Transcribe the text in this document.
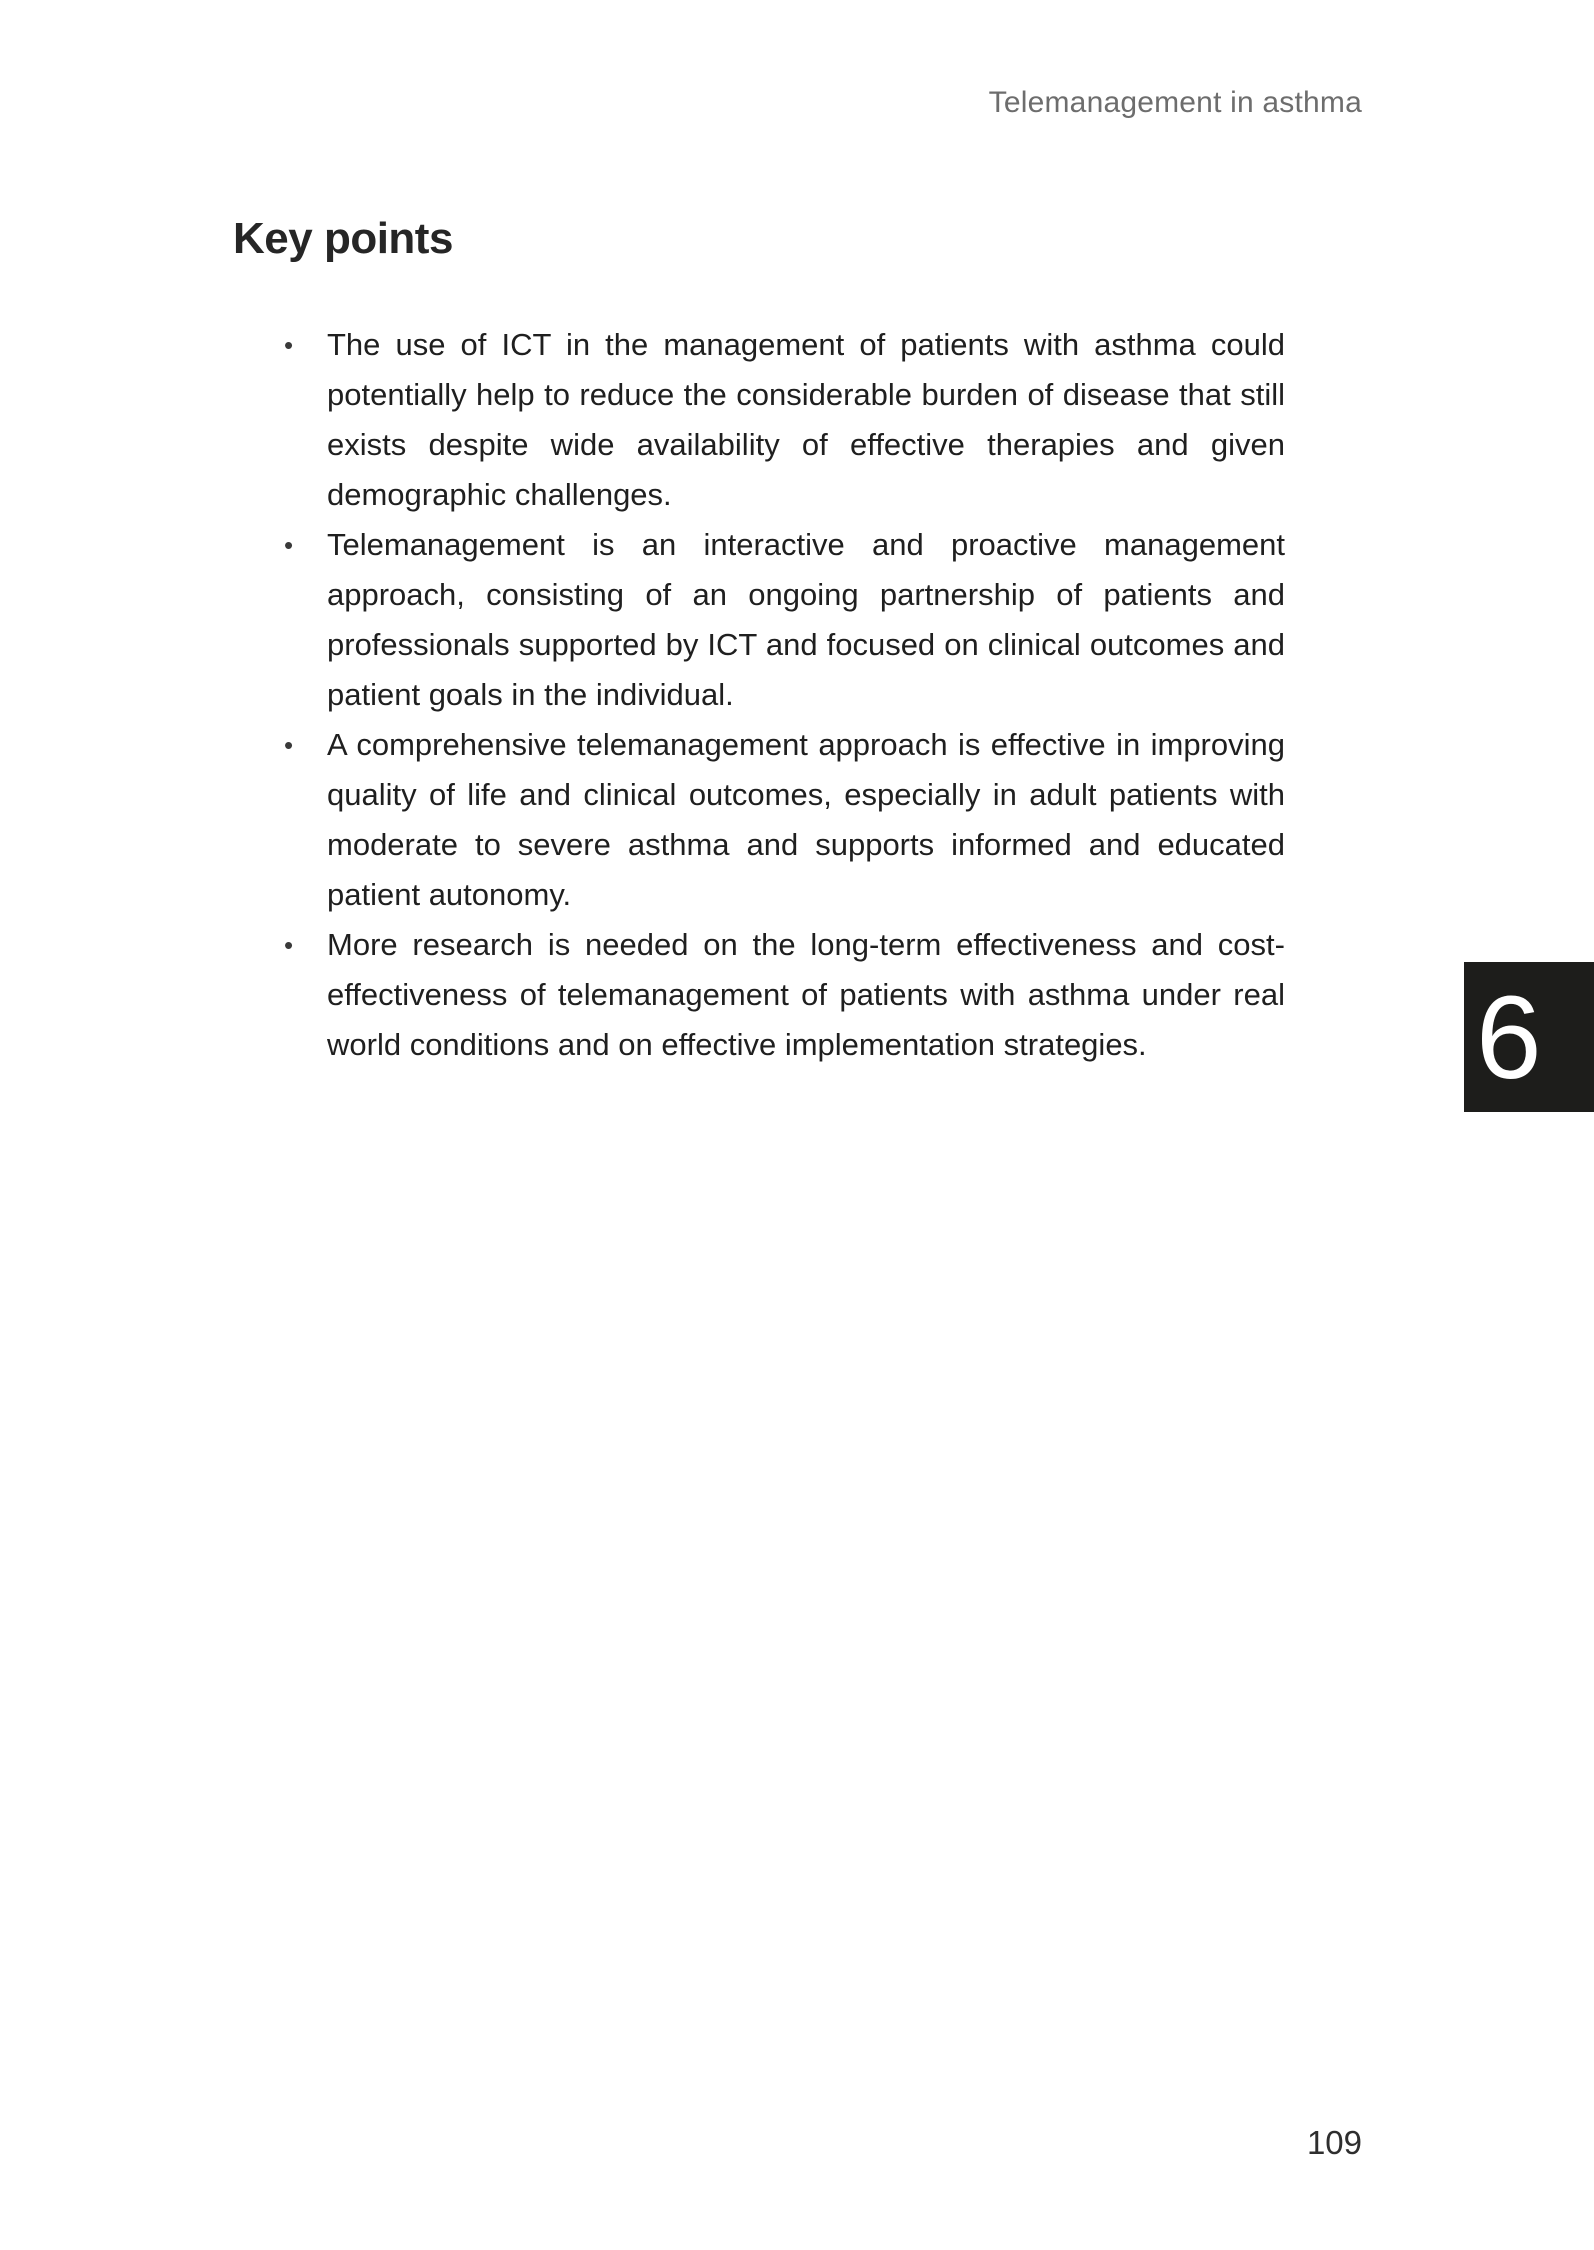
Telemanagement in asthma
Key points
• The use of ICT in the management of patients with asthma could potentially help to reduce the considerable burden of disease that still exists despite wide availability of effective therapies and given demographic challenges.
• Telemanagement is an interactive and proactive management approach, consisting of an ongoing partnership of patients and professionals supported by ICT and focused on clinical outcomes and patient goals in the individual.
• A comprehensive telemanagement approach is effective in improving quality of life and clinical outcomes, especially in adult patients with moderate to severe asthma and supports informed and educated patient autonomy.
• More research is needed on the long-term effectiveness and cost-effectiveness of telemanagement of patients with asthma under real world conditions and on effective implementation strategies.	6
109
